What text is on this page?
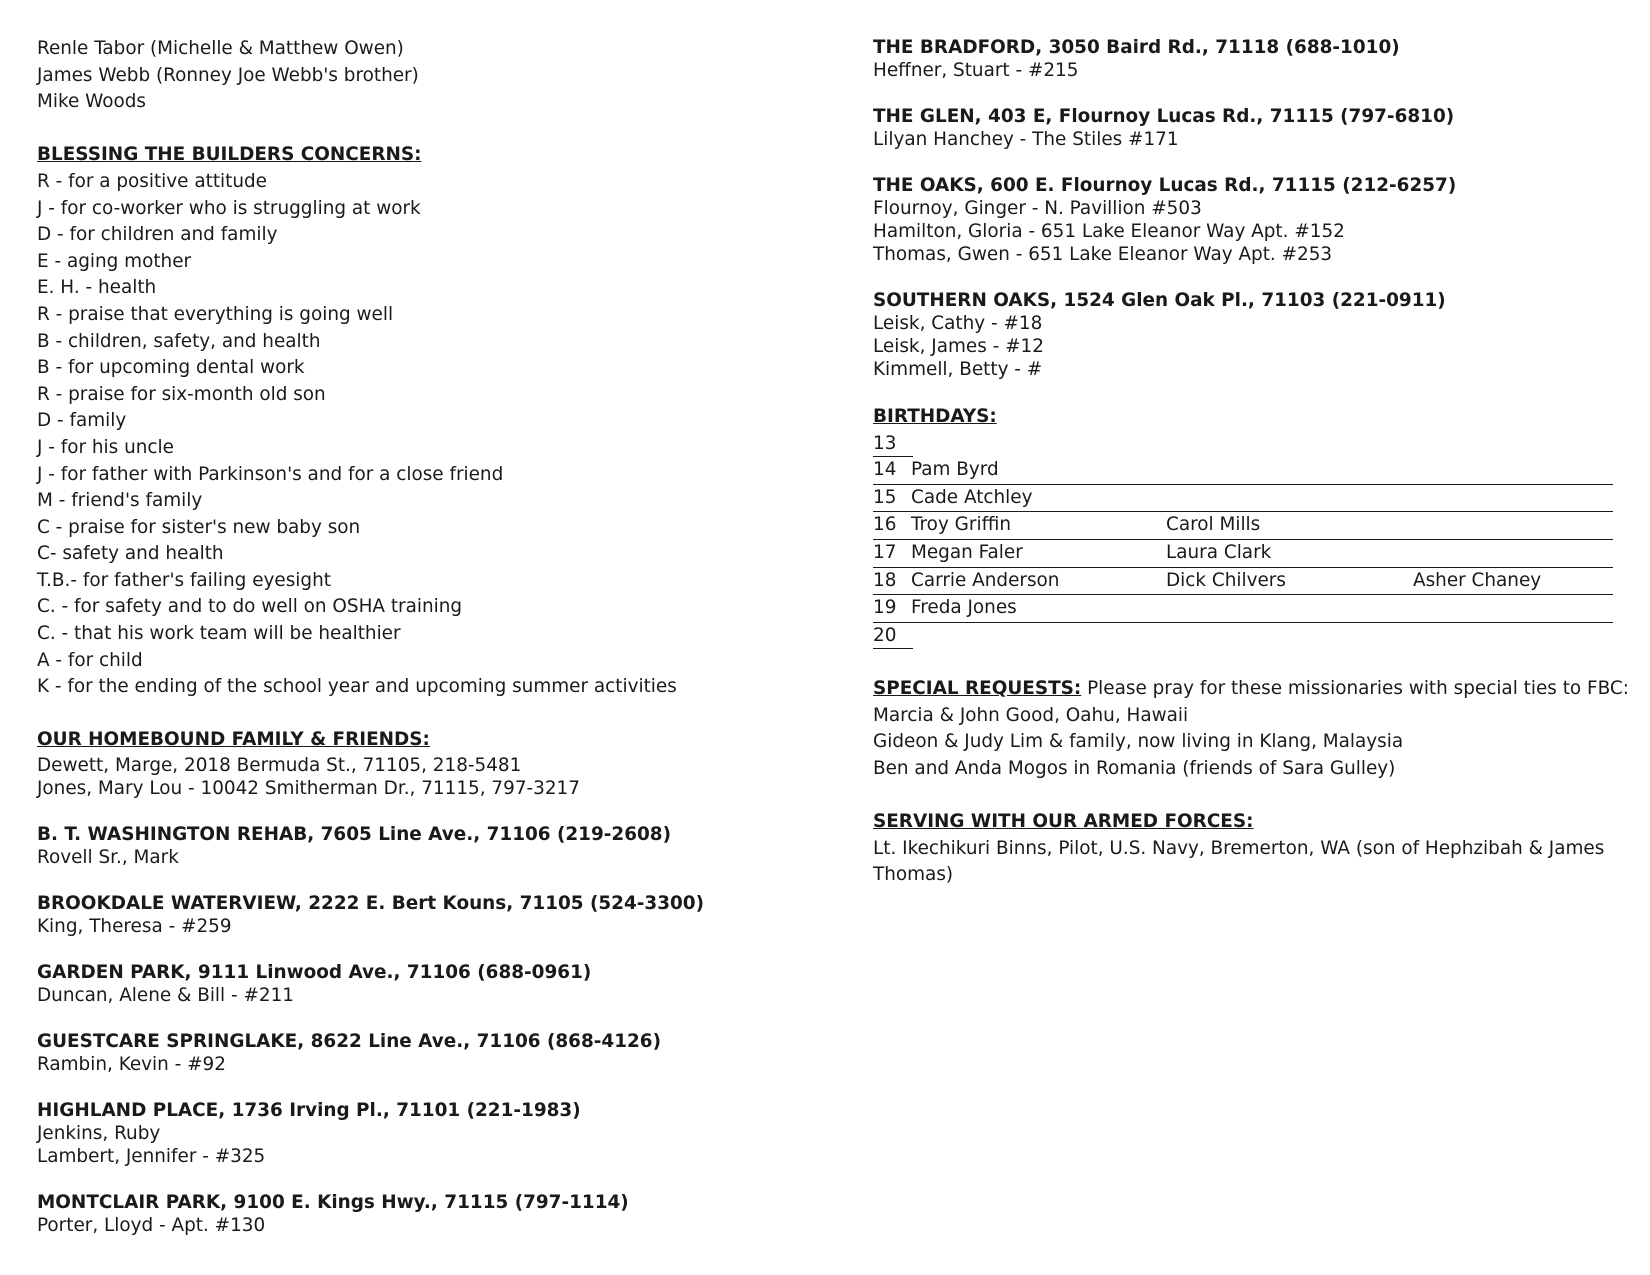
Renle Tabor (Michelle & Matthew Owen)
James Webb (Ronney Joe Webb's brother)
Mike Woods
BLESSING THE BUILDERS CONCERNS:
R - for a positive attitude
J - for co-worker who is struggling at work
D - for children and family
E - aging mother
E. H. - health
R - praise that everything is going well
B - children, safety, and health
B - for upcoming dental work
R - praise for six-month old son
D - family
J - for his uncle
J - for father with Parkinson's and for a close friend
M - friend's family
C - praise for sister's new baby son
C- safety and health
T.B.- for father's failing eyesight
C. - for safety and to do well on OSHA training
C. - that his work team will be healthier
A - for child
K - for the ending of the school year and upcoming summer activities
OUR HOMEBOUND FAMILY & FRIENDS:
Dewett, Marge, 2018 Bermuda St., 71105, 218-5481
Jones, Mary Lou - 10042 Smitherman Dr., 71115, 797-3217
B. T. WASHINGTON REHAB, 7605 Line Ave., 71106 (219-2608)
Rovell Sr., Mark
BROOKDALE WATERVIEW, 2222 E. Bert Kouns, 71105 (524-3300)
King, Theresa - #259
GARDEN PARK, 9111 Linwood Ave., 71106 (688-0961)
Duncan, Alene & Bill - #211
GUESTCARE SPRINGLAKE, 8622 Line Ave., 71106 (868-4126)
Rambin, Kevin - #92
HIGHLAND PLACE, 1736 Irving Pl., 71101 (221-1983)
Jenkins, Ruby
Lambert, Jennifer - #325
MONTCLAIR PARK, 9100 E. Kings Hwy., 71115 (797-1114)
Porter, Lloyd - Apt. #130
THE BRADFORD, 3050 Baird Rd., 71118 (688-1010)
Heffner, Stuart - #215
THE GLEN, 403 E, Flournoy Lucas Rd., 71115 (797-6810)
Lilyan Hanchey - The Stiles #171
THE OAKS, 600 E. Flournoy Lucas Rd., 71115 (212-6257)
Flournoy, Ginger - N. Pavillion #503
Hamilton, Gloria - 651 Lake Eleanor Way Apt. #152
Thomas, Gwen - 651 Lake Eleanor Way Apt. #253
SOUTHERN OAKS, 1524 Glen Oak Pl., 71103 (221-0911)
Leisk, Cathy - #18
Leisk, James - #12
Kimmell, Betty - #
BIRTHDAYS:
13
14 Pam Byrd
15 Cade Atchley
16 Troy Griffin	Carol Mills
17 Megan Faler	Laura Clark
18 Carrie Anderson	Dick Chilvers	Asher Chaney
19 Freda Jones
20
SPECIAL REQUESTS: Please pray for these missionaries with special ties to FBC:
Marcia & John Good, Oahu, Hawaii
Gideon & Judy Lim & family, now living in Klang, Malaysia
Ben and Anda Mogos in Romania (friends of Sara Gulley)
SERVING WITH OUR ARMED FORCES:
Lt. Ikechikuri Binns, Pilot, U.S. Navy, Bremerton, WA (son of Hephzibah & James Thomas)
